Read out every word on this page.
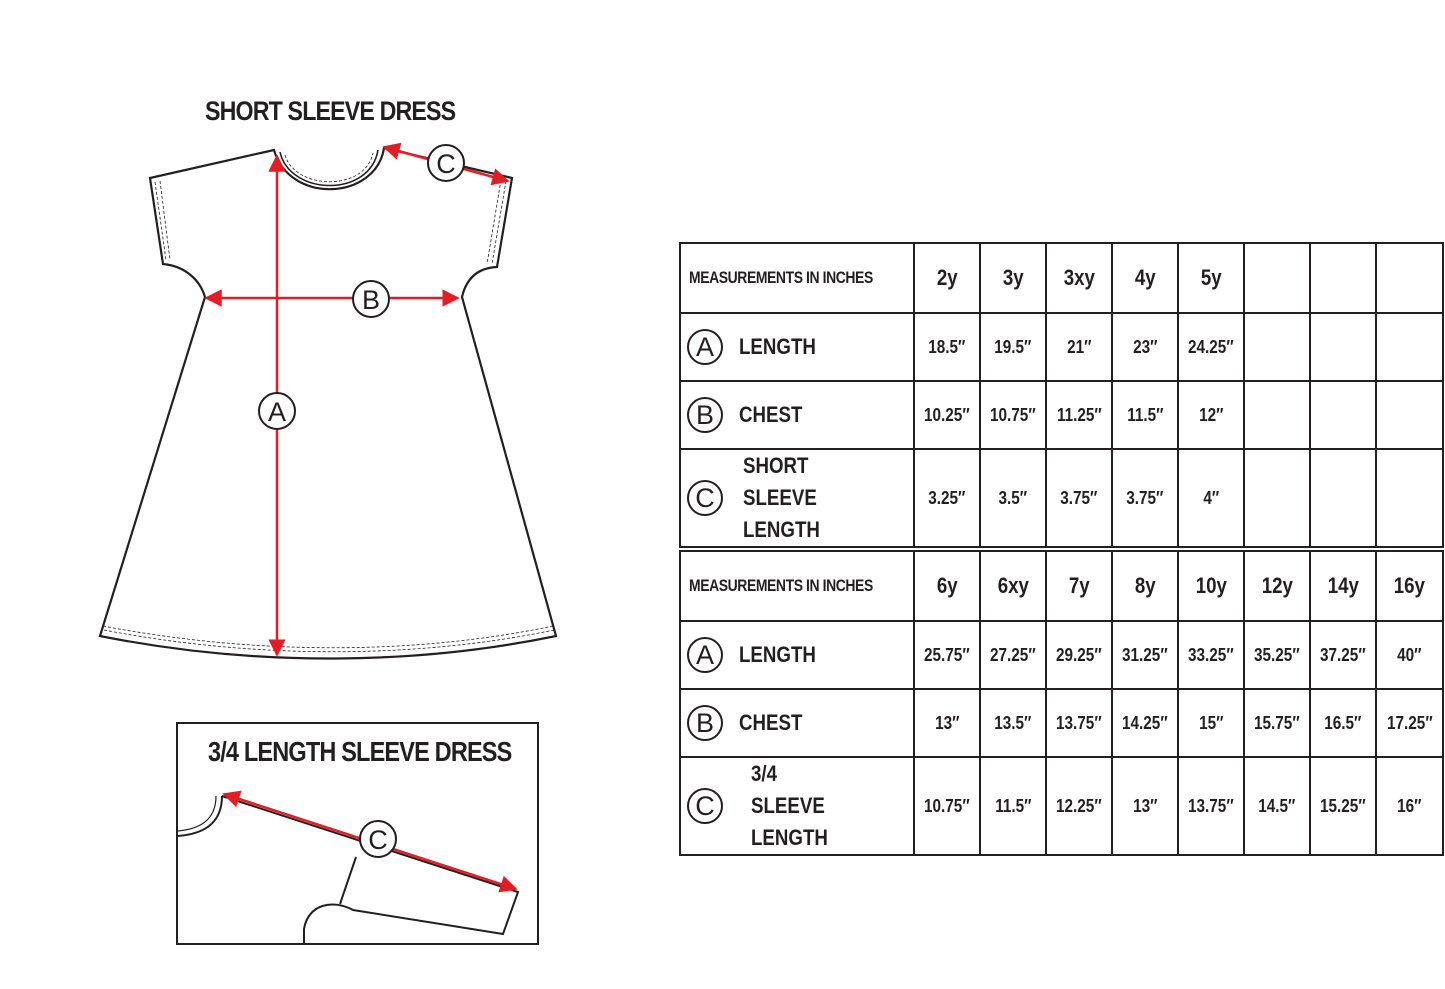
SHORT SLEEVE DRESS
A
B
C
3/4 LENGTH SLEEVE DRESS
C
MEASUREMENTS IN INCHES	2y	3y	3xy	4y	5y			

A LENGTH	18.5″	19.5″	21″	23″	24.25″			

B CHEST	10.25″	10.75″	11.25″	11.5″	12″			

C
SHORT SLEEVE LENGTH	3.25″	3.5″	3.75″	3.75″	4″			
MEASUREMENTS IN INCHES	6y	6xy	7y	8y	10y	12y	14y	16y

A LENGTH	25.75″	27.25″	29.25″	31.25″	33.25″	35.25″	37.25″	40″

B CHEST	13″	13.5″	13.75″	14.25″	15″	15.75″	16.5″	17.25″

C
3/4 SLEEVE LENGTH	10.75″	11.5″	12.25″	13″	13.75″	14.5″	15.25″	16″
